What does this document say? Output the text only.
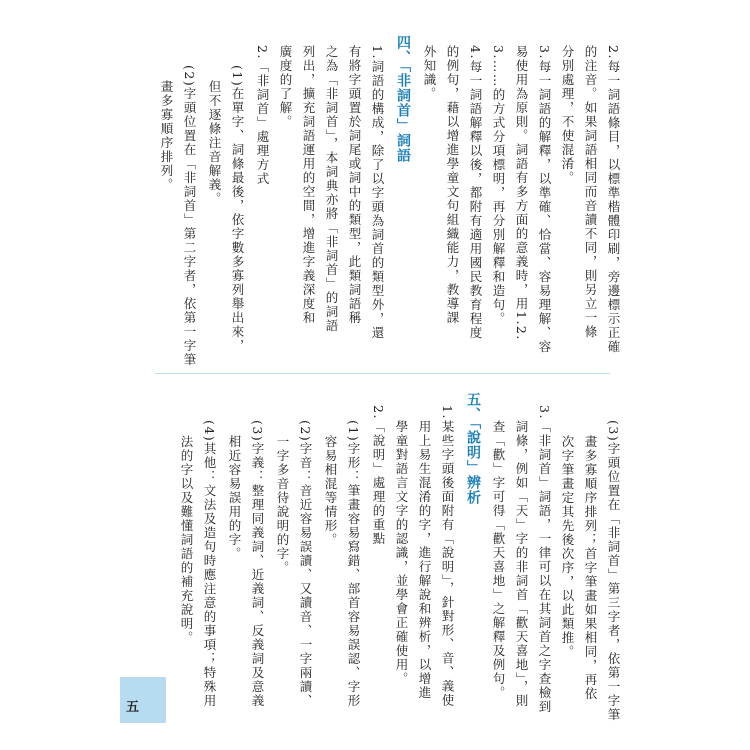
2.每一詞語條目，以標準楷體印刷，旁邊標示正確
的注音。如果詞語相同而音讀不同，則另立一條
分別處理，不使混淆。
3.每一詞語的解釋，以準確、恰當、容易理解、容
易使用為原則。詞語有多方面的意義時，用1.2.
3.……的方式分項標明，再分別解釋和造句。
4.每一詞語解釋以後，都附有適用國民教育程度
的例句，藉以增進學童文句組織能力，教導課
外知識。
四、「非詞首」詞語
1.詞語的構成，除了以字頭為詞首的類型外，還
有將字頭置於詞尾或詞中的類型，此類詞語稱
之為「非詞首」，本詞典亦將「非詞首」的詞語
列出，擴充詞語運用的空間，增進字義深度和
廣度的了解。
2.「非詞首」處理方式
(1)在單字、詞條最後，依字數多寡列舉出來，
但不逐條注音解義。
(2)字頭位置在「非詞首」第二字者，依第一字筆
畫多寡順序排列。
(3)字頭位置在「非詞首」第三字者，依第一字筆
畫多寡順序排列；首字筆畫如果相同，再依
次字筆畫定其先後次序，以此類推。
3.「非詞首」詞語，一律可以在其詞首之字查檢到
詞條，例如「天」字的非詞首「歡天喜地」，則
查「歡」字可得「歡天喜地」之解釋及例句。
五、「說明」辨析
1.某些字頭後面附有「說明」，針對形、音、義使
用上易生混淆的字，進行解說和辨析，以增進
學童對語言文字的認識，並學會正確使用。
2.「說明」處理的重點
(1)字形：筆畫容易寫錯、部首容易誤認、字形
容易相混等情形。
(2)字音：音近容易誤讀、又讀音、一字兩讀、
一字多音待說明的字。
(3)字義：整理同義詞、近義詞、反義詞及意義
相近容易誤用的字。
(4)其他：文法及造句時應注意的事項；特殊用
法的字以及難懂詞語的補充說明。
五
